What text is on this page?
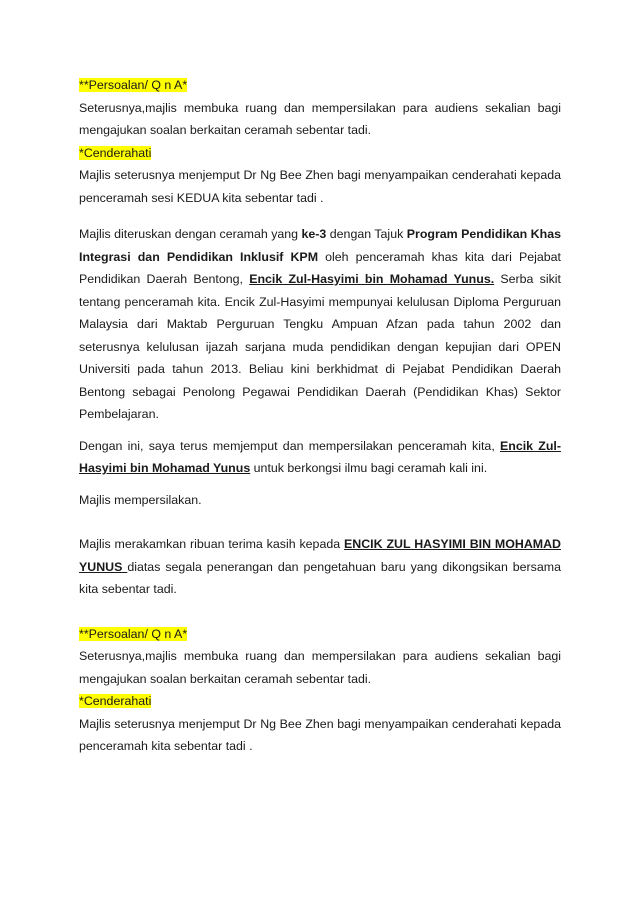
**Persoalan/ Q n A*

Seterusnya,majlis membuka ruang dan mempersilakan para audiens sekalian bagi mengajukan soalan berkaitan ceramah sebentar tadi.

*Cenderahati

Majlis seterusnya menjemput Dr Ng Bee Zhen bagi menyampaikan cenderahati kepada penceramah sesi KEDUA kita sebentar tadi .

Majlis diteruskan dengan ceramah yang ke-3 dengan Tajuk Program Pendidikan Khas Integrasi dan Pendidikan Inklusif KPM oleh penceramah khas kita dari Pejabat Pendidikan Daerah Bentong, Encik Zul-Hasyimi bin Mohamad Yunus. Serba sikit tentang penceramah kita. Encik Zul-Hasyimi mempunyai kelulusan Diploma Perguruan Malaysia dari Maktab Perguruan Tengku Ampuan Afzan pada tahun 2002 dan seterusnya kelulusan ijazah sarjana muda pendidikan dengan kepujian dari OPEN Universiti pada tahun 2013. Beliau kini berkhidmat di Pejabat Pendidikan Daerah Bentong sebagai Penolong Pegawai Pendidikan Daerah (Pendidikan Khas) Sektor Pembelajaran.

Dengan ini, saya terus memjemput dan mempersilakan penceramah kita, Encik Zul-Hasyimi bin Mohamad Yunus untuk berkongsi ilmu bagi ceramah kali ini.

Majlis mempersilakan.

Majlis merakamkan ribuan terima kasih kepada ENCIK ZUL HASYIMI BIN MOHAMAD YUNUS diatas segala penerangan dan pengetahuan baru yang dikongsikan bersama kita sebentar tadi.

**Persoalan/ Q n A*

Seterusnya,majlis membuka ruang dan mempersilakan para audiens sekalian bagi mengajukan soalan berkaitan ceramah sebentar tadi.

*Cenderahati

Majlis seterusnya menjemput Dr Ng Bee Zhen bagi menyampaikan cenderahati kepada penceramah kita sebentar tadi .
